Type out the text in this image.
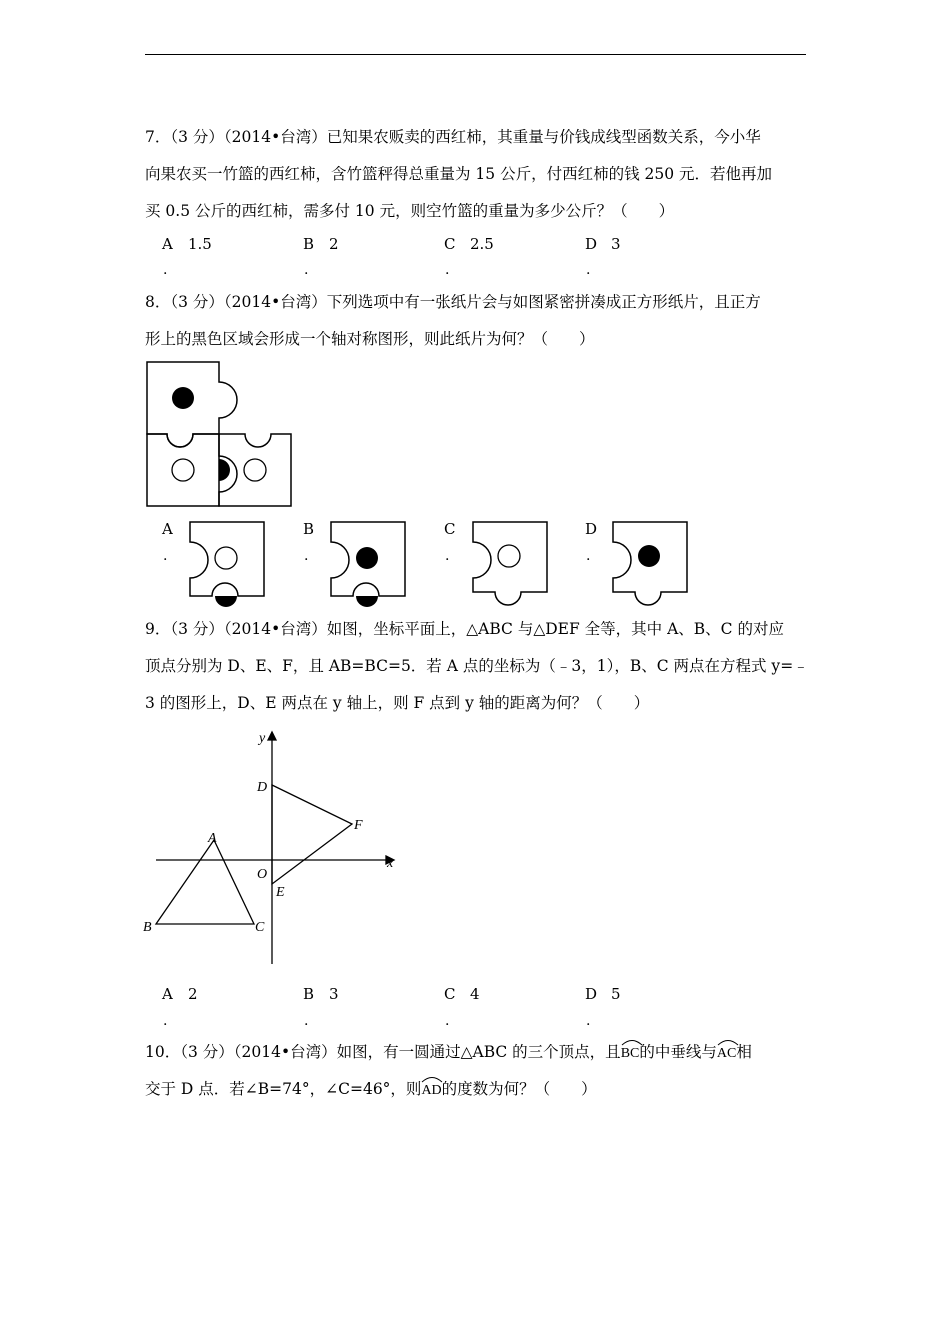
7．（3 分）（2014•台湾）已知果农贩卖的西红柿，其重量与价钱成线型函数关系，今小华
向果农买一竹篮的西红柿，含竹篮秤得总重量为 15 公斤，付西红柿的钱 250 元．若他再加
买 0.5 公斤的西红柿，需多付 10 元，则空竹篮的重量为多少公斤？（　　）
A 1.5
.
B 2
.
C 2.5
.
D 3
.
8．（3 分）（2014•台湾）下列选项中有一张纸片会与如图紧密拼凑成正方形纸片，且正方
形上的黑色区域会形成一个轴对称图形，则此纸片为何？（　　）
A
.
B
.
C
.
D
.
9．（3 分）（2014•台湾）如图，坐标平面上，△ABC 与△DEF 全等，其中 A、B、C 的对应
顶点分别为 D、E、F，且 AB=BC=5．若 A 点的坐标为（﹣3，1），B、C 两点在方程式 y=﹣
3 的图形上，D、E 两点在 y 轴上，则 F 点到 y 轴的距离为何？（　　）
y
x
O
A
B	C
D
E
F
A 2
.
B 3
.
C 4
.
D 5
.
10．（3 分）（2014•台湾）如图，有一圆通过△ABC 的三个顶点，且
BC的中垂线与
AC相
交于 D 点．若∠B=74°，∠C=46°，则
AD的度数为何？（　　）
